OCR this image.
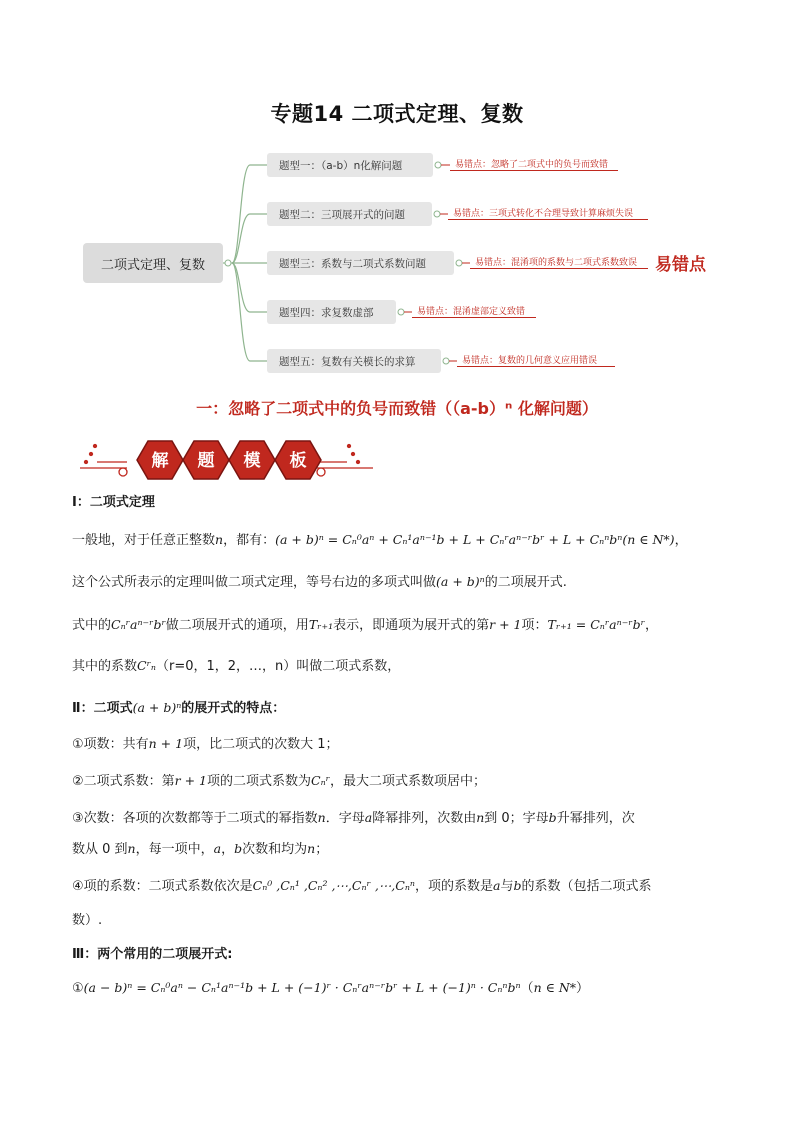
专题14 二项式定理、复数
二项式定理、复数
题型一：（a-b）n化解问题
题型二：三项展开式的问题
题型三：系数与二项式系数问题
题型四：求复数虚部
题型五：复数有关模长的求算
易错点：忽略了二项式中的负号而致错
易错点：三项式转化不合理导致计算麻烦失误
易错点：混淆项的系数与二项式系数致误
易错点：混淆虚部定义致错
易错点：复数的几何意义应用错误
易错点
一：忽略了二项式中的负号而致错（（a-b）ⁿ 化解问题）
解 题 模 板
Ⅰ：二项式定理
一般地，对于任意正整数n，都有：(a + b)ⁿ = Cₙ⁰aⁿ + Cₙ¹aⁿ⁻¹b + L + Cₙʳaⁿ⁻ʳbʳ + L + Cₙⁿbⁿ(n ∈ N*)，
这个公式所表示的定理叫做二项式定理，等号右边的多项式叫做(a + b)ⁿ的二项展开式.
式中的Cₙʳaⁿ⁻ʳbʳ做二项展开式的通项，用Tᵣ₊₁表示，即通项为展开式的第r + 1项：Tᵣ₊₁ = Cₙʳaⁿ⁻ʳbʳ，
其中的系数Cʳₙ（r=0，1，2，…，n）叫做二项式系数，
Ⅱ：二项式(a + b)ⁿ的展开式的特点：
①项数：共有n + 1项，比二项式的次数大 1；
②二项式系数：第r + 1项的二项式系数为Cₙʳ，最大二项式系数项居中；
③次数：各项的次数都等于二项式的幂指数n．字母a降幂排列，次数由n到 0；字母b升幂排列，次
数从 0 到n，每一项中，a，b次数和均为n；
④项的系数：二项式系数依次是Cₙ⁰ ,Cₙ¹ ,Cₙ² ,⋯,Cₙʳ ,⋯,Cₙⁿ，项的系数是a与b的系数（包括二项式系
数）.
Ⅲ：两个常用的二项展开式:
①(a − b)ⁿ = Cₙ⁰aⁿ − Cₙ¹aⁿ⁻¹b + L + (−1)ʳ · Cₙʳaⁿ⁻ʳbʳ + L + (−1)ⁿ · Cₙⁿbⁿ（n ∈ N*）
